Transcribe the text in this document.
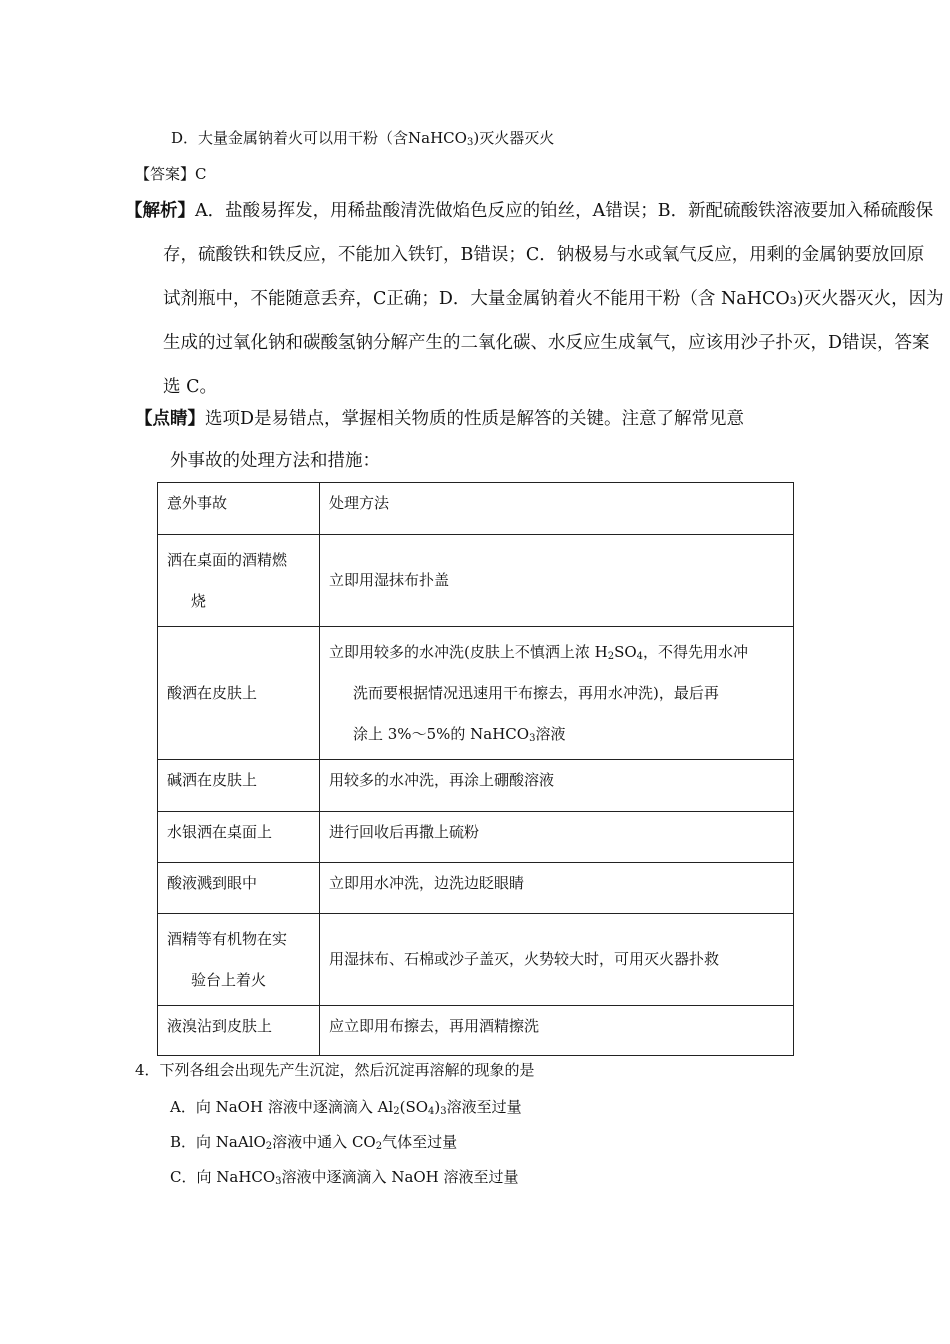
D．大量金属钠着火可以用干粉（含NaHCO$_3$)灭火器灭火
【答案】C
【解析】A．盐酸易挥发，用稀盐酸清洗做焰色反应的铂丝，A错误；B．新配硫酸铁溶液要加入稀硫酸保
存，硫酸铁和铁反应，不能加入铁钉，B错误；C．钠极易与水或氧气反应，用剩的金属钠要放回原
试剂瓶中，不能随意丢弃，C正确；D．大量金属钠着火不能用干粉（含 NaHCO₃)灭火器灭火，因为
生成的过氧化钠和碳酸氢钠分解产生的二氧化碳、水反应生成氧气，应该用沙子扑灭，D错误，答案
选 C。
【点睛】选项D是易错点，掌握相关物质的性质是解答的关键。注意了解常见意
外事故的处理方法和措施：
意外事故	处理方法

洒在桌面的酒精燃
烧	立即用湿抹布扑盖
酸洒在皮肤上	立即用较多的水冲洗(皮肤上不慎洒上浓 $H_2SO_4$，不得先用水冲
洗而要根据情况迅速用干布擦去，再用水冲洗)，最后再
涂上 3%～5%的 NaHCO$_3$溶液

碱洒在皮肤上	用较多的水冲洗，再涂上硼酸溶液
水银洒在桌面上	进行回收后再撒上硫粉
酸液溅到眼中	立即用水冲洗，边洗边眨眼睛

酒精等有机物在实
验台上着火	用湿抹布、石棉或沙子盖灭，火势较大时，可用灭火器扑救
液溴沾到皮肤上	应立即用布擦去，再用酒精擦洗
4．下列各组会出现先产生沉淀，然后沉淀再溶解的现象的是
A．向 NaOH 溶液中逐滴滴入 $Al_2(SO_4)_3$溶液至过量
B．向 NaAlO$_2$溶液中通入 $CO_2$气体至过量
C．向 NaHCO$_3$溶液中逐滴滴入 NaOH 溶液至过量
